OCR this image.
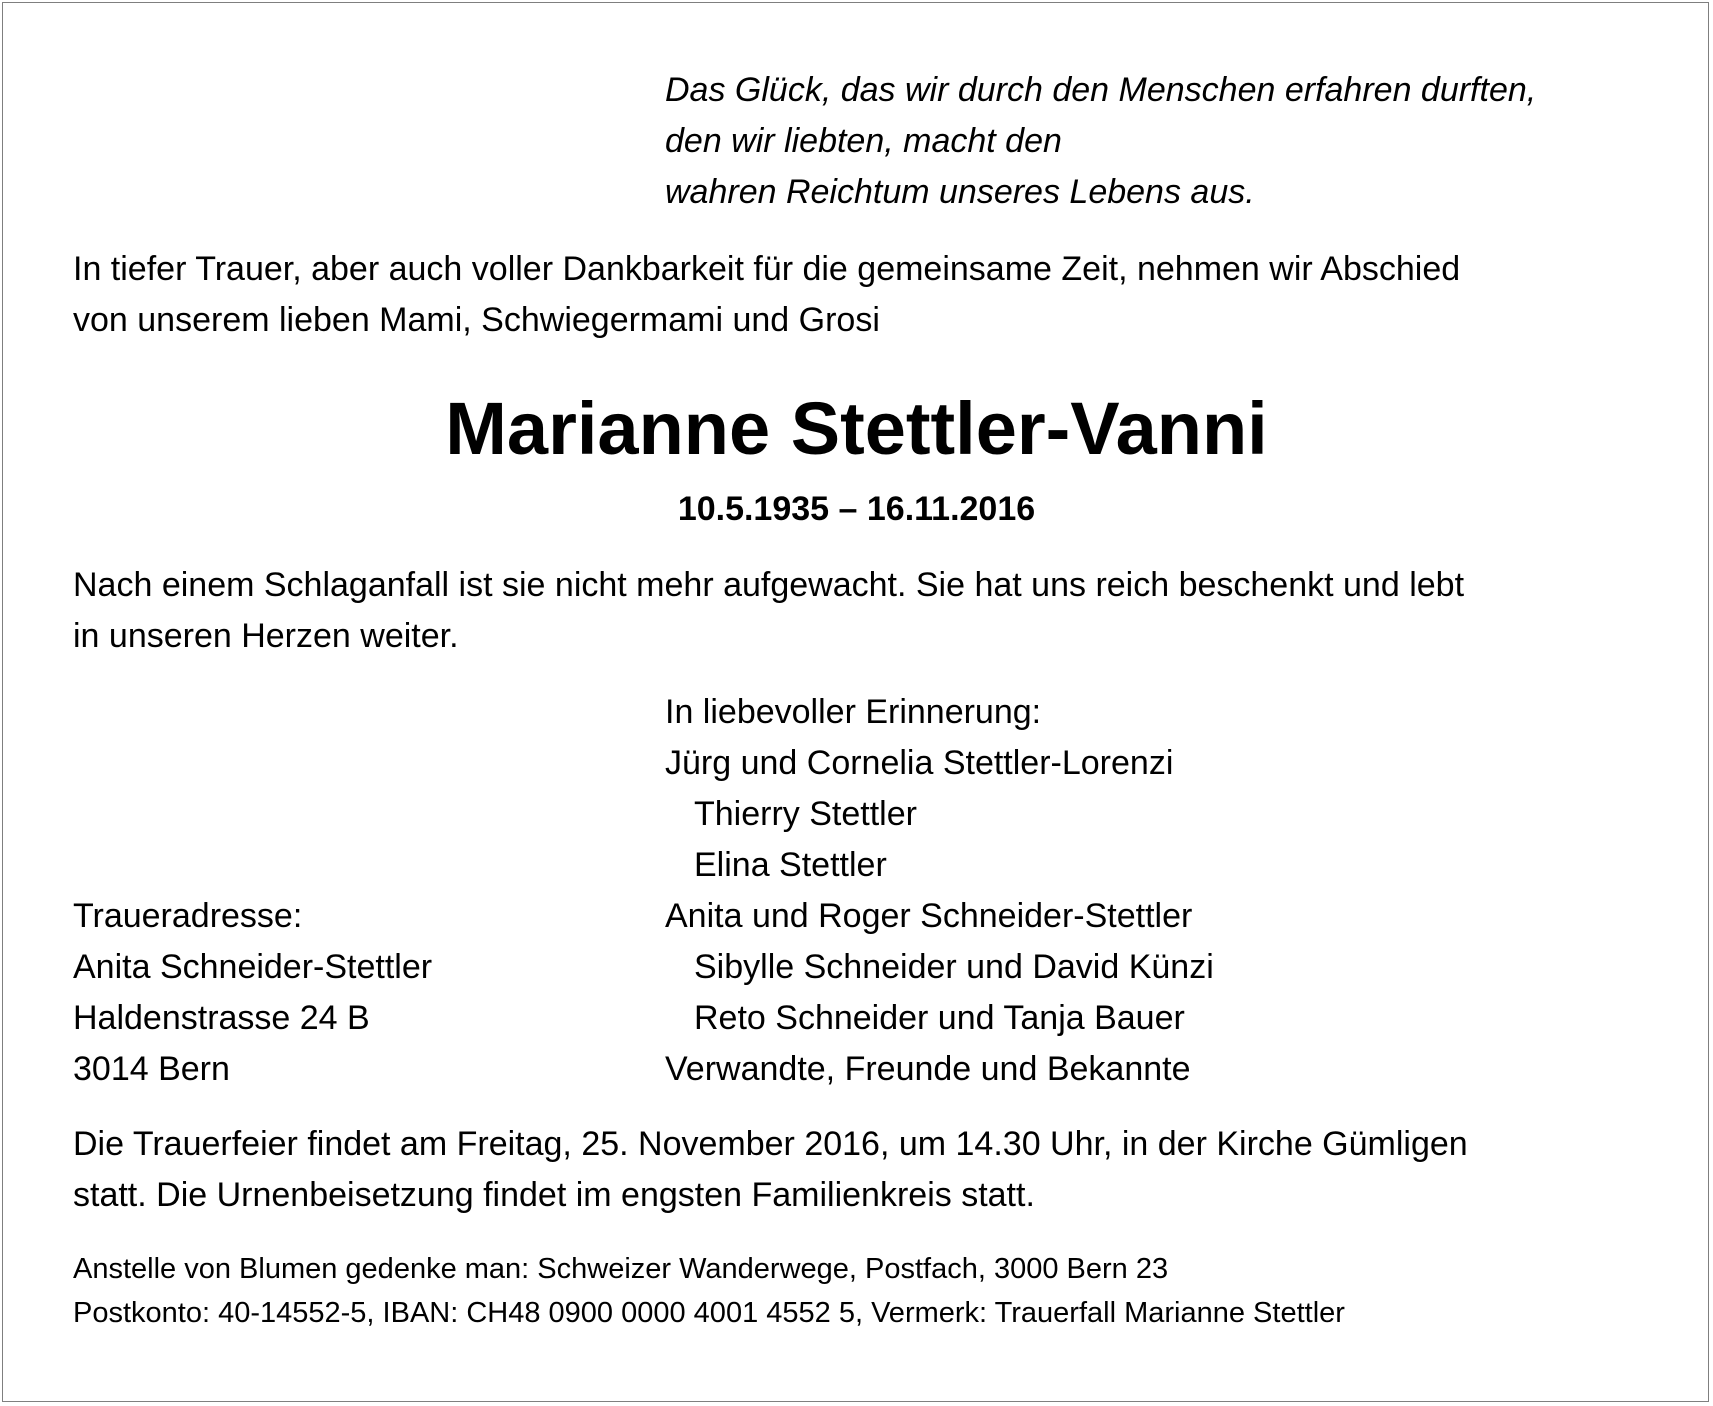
Das Glück, das wir durch den Menschen erfahren durften,
den wir liebten, macht den
wahren Reichtum unseres Lebens aus.
In tiefer Trauer, aber auch voller Dankbarkeit für die gemeinsame Zeit, nehmen wir Abschied
von unserem lieben Mami, Schwiegermami und Grosi
Marianne Stettler-Vanni
10.5.1935 – 16.11.2016
Nach einem Schlaganfall ist sie nicht mehr aufgewacht. Sie hat uns reich beschenkt und lebt
in unseren Herzen weiter.
In liebevoller Erinnerung:
Jürg und Cornelia Stettler-Lorenzi
Thierry Stettler
Elina Stettler
Anita und Roger Schneider-Stettler
Sibylle Schneider und David Künzi
Reto Schneider und Tanja Bauer
Verwandte, Freunde und Bekannte
Traueradresse:
Anita Schneider-Stettler
Haldenstrasse 24 B
3014 Bern
Die Trauerfeier findet am Freitag, 25. November 2016, um 14.30 Uhr, in der Kirche Gümligen
statt. Die Urnenbeisetzung findet im engsten Familienkreis statt.
Anstelle von Blumen gedenke man: Schweizer Wanderwege, Postfach, 3000 Bern 23
Postkonto: 40-14552-5, IBAN: CH48 0900 0000 4001 4552 5, Vermerk: Trauerfall Marianne Stettler
